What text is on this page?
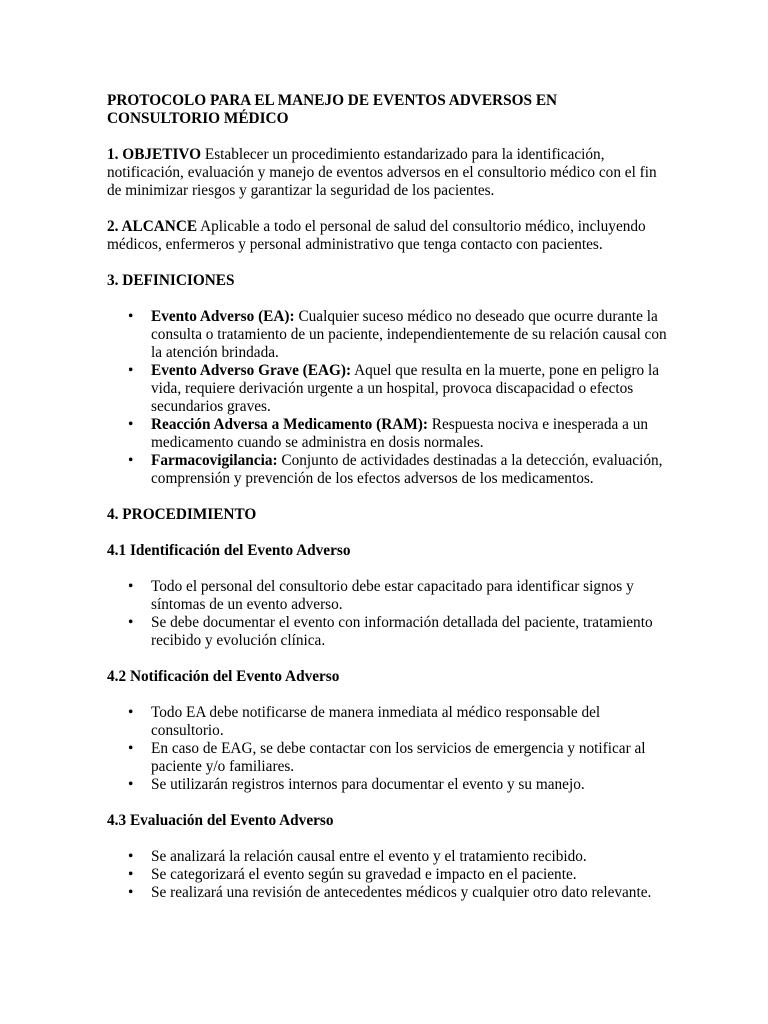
PROTOCOLO PARA EL MANEJO DE EVENTOS ADVERSOS EN CONSULTORIO MÉDICO

1. OBJETIVO Establecer un procedimiento estandarizado para la identificación, notificación, evaluación y manejo de eventos adversos en el consultorio médico con el fin de minimizar riesgos y garantizar la seguridad de los pacientes.

2. ALCANCE Aplicable a todo el personal de salud del consultorio médico, incluyendo médicos, enfermeros y personal administrativo que tenga contacto con pacientes.

3. DEFINICIONES
• Evento Adverso (EA): Cualquier suceso médico no deseado que ocurre durante la consulta o tratamiento de un paciente, independientemente de su relación causal con la atención brindada.
• Evento Adverso Grave (EAG): Aquel que resulta en la muerte, pone en peligro la vida, requiere derivación urgente a un hospital, provoca discapacidad o efectos secundarios graves.
• Reacción Adversa a Medicamento (RAM): Respuesta nociva e inesperada a un medicamento cuando se administra en dosis normales.
• Farmacovigilancia: Conjunto de actividades destinadas a la detección, evaluación, comprensión y prevención de los efectos adversos de los medicamentos.
4. PROCEDIMIENTO
4.1 Identificación del Evento Adverso
• Todo el personal del consultorio debe estar capacitado para identificar signos y síntomas de un evento adverso.
• Se debe documentar el evento con información detallada del paciente, tratamiento recibido y evolución clínica.
4.2 Notificación del Evento Adverso
• Todo EA debe notificarse de manera inmediata al médico responsable del consultorio.
• En caso de EAG, se debe contactar con los servicios de emergencia y notificar al paciente y/o familiares.
• Se utilizarán registros internos para documentar el evento y su manejo.
4.3 Evaluación del Evento Adverso
• Se analizará la relación causal entre el evento y el tratamiento recibido.
• Se categorizará el evento según su gravedad e impacto en el paciente.
• Se realizará una revisión de antecedentes médicos y cualquier otro dato relevante.
